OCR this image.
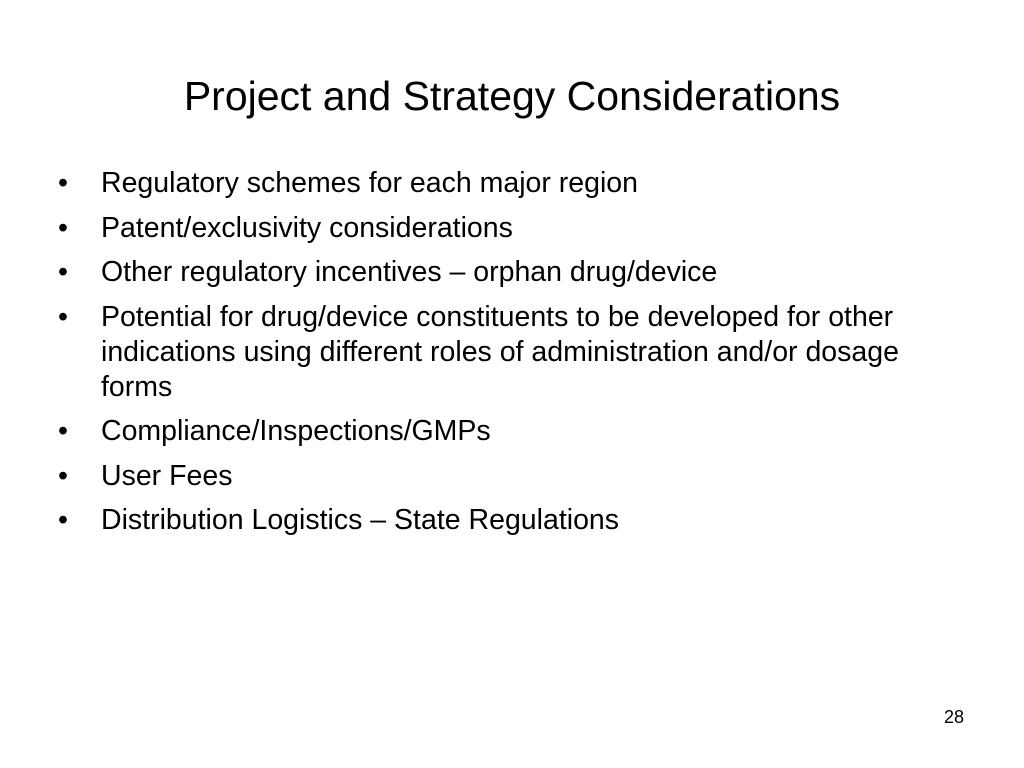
Project and Strategy Considerations
•	Regulatory schemes for each major region
•	Patent/exclusivity considerations
•	Other regulatory incentives – orphan drug/device
•	Potential for drug/device constituents to be developed for other indications using different roles of administration and/or dosage forms
•	Compliance/Inspections/GMPs
•	User Fees
•	Distribution Logistics – State Regulations
28
